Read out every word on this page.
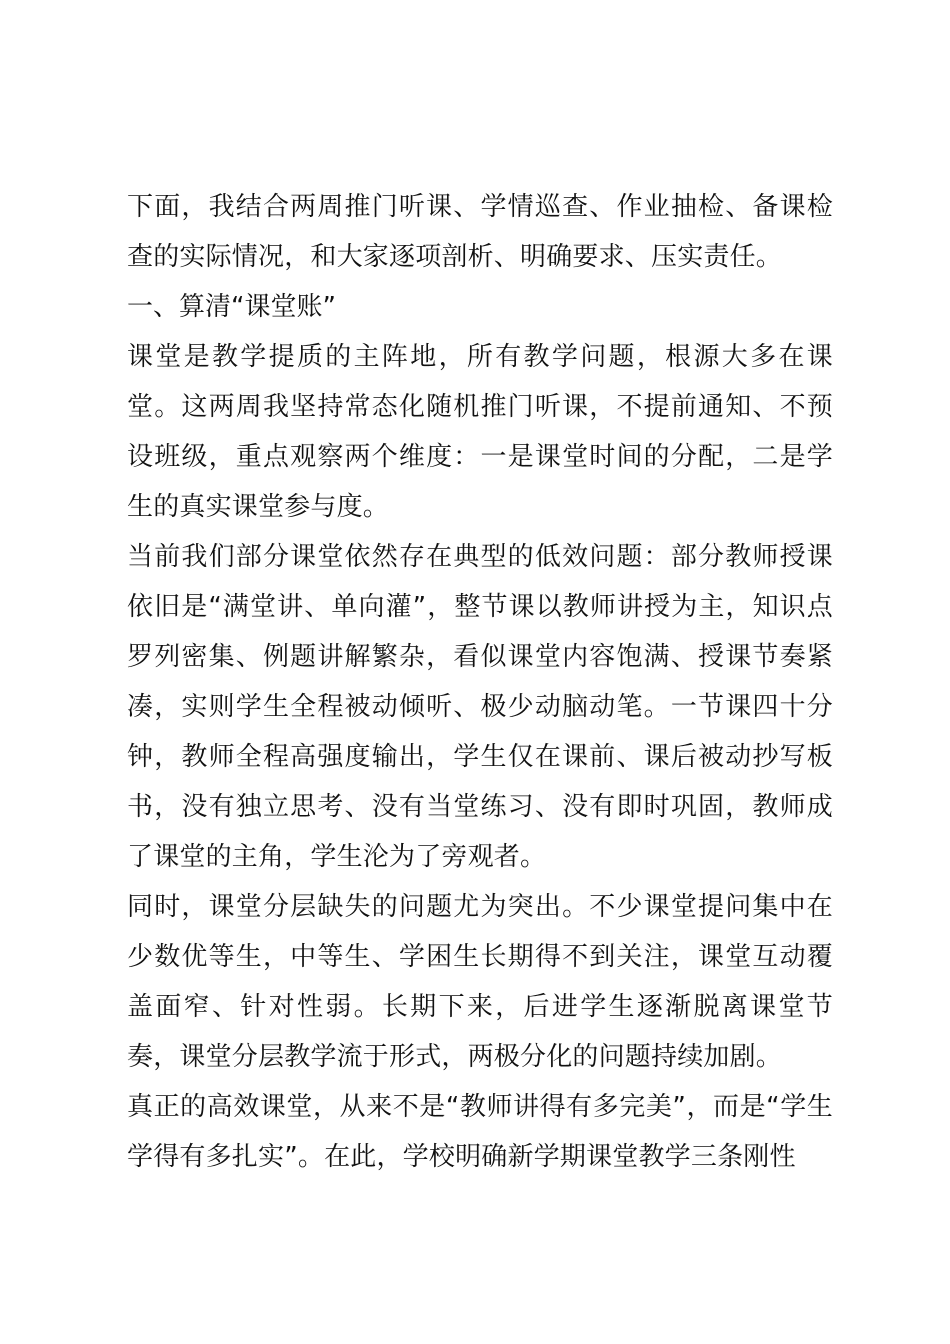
下面，我结合两周推门听课、学情巡查、作业抽检、备课检查的实际情况，和大家逐项剖析、明确要求、压实责任。

一、算清“课堂账”

课堂是教学提质的主阵地，所有教学问题，根源大多在课堂。这两周我坚持常态化随机推门听课，不提前通知、不预设班级，重点观察两个维度：一是课堂时间的分配，二是学生的真实课堂参与度。

当前我们部分课堂依然存在典型的低效问题：部分教师授课依旧是“满堂讲、单向灌”，整节课以教师讲授为主，知识点罗列密集、例题讲解繁杂，看似课堂内容饱满、授课节奏紧凑，实则学生全程被动倾听、极少动脑动笔。一节课四十分钟，教师全程高强度输出，学生仅在课前、课后被动抄写板书，没有独立思考、没有当堂练习、没有即时巩固，教师成了课堂的主角，学生沦为了旁观者。

同时，课堂分层缺失的问题尤为突出。不少课堂提问集中在少数优等生，中等生、学困生长期得不到关注，课堂互动覆盖面窄、针对性弱。长期下来，后进学生逐渐脱离课堂节奏，课堂分层教学流于形式，两极分化的问题持续加剧。

真正的高效课堂，从来不是“教师讲得有多完美”，而是“学生学得有多扎实”。在此，学校明确新学期课堂教学三条刚性
